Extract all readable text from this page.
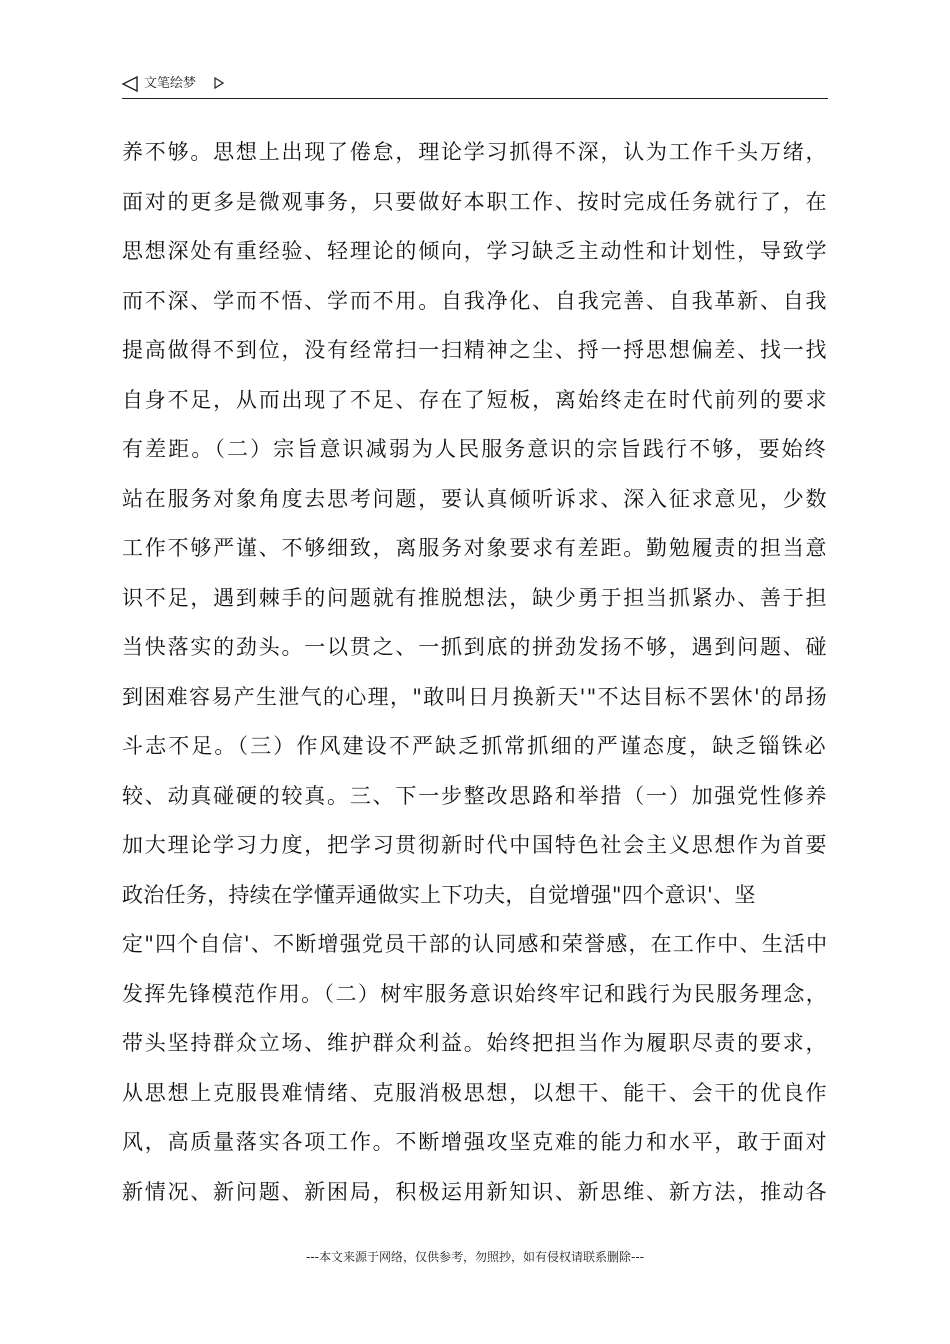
文笔绘梦
养不够。思想上出现了倦怠，理论学习抓得不深，认为工作千头万绪，
面对的更多是微观事务，只要做好本职工作、按时完成任务就行了，在
思想深处有重经验、轻理论的倾向，学习缺乏主动性和计划性，导致学
而不深、学而不悟、学而不用。自我净化、自我完善、自我革新、自我
提高做得不到位，没有经常扫一扫精神之尘、捋一捋思想偏差、找一找
自身不足，从而出现了不足、存在了短板，离始终走在时代前列的要求
有差距。（二）宗旨意识减弱为人民服务意识的宗旨践行不够，要始终
站在服务对象角度去思考问题，要认真倾听诉求、深入征求意见，少数
工作不够严谨、不够细致，离服务对象要求有差距。勤勉履责的担当意
识不足，遇到棘手的问题就有推脱想法，缺少勇于担当抓紧办、善于担
当快落实的劲头。一以贯之、一抓到底的拼劲发扬不够，遇到问题、碰
到困难容易产生泄气的心理，"敢叫日月换新天'"不达目标不罢休'的昂扬
斗志不足。（三）作风建设不严缺乏抓常抓细的严谨态度，缺乏锱铢必
较、动真碰硬的较真。三、下一步整改思路和举措（一）加强党性修养
加大理论学习力度，把学习贯彻新时代中国特色社会主义思想作为首要
政治任务，持续在学懂弄通做实上下功夫，自觉增强"四个意识'、坚
定"四个自信'、不断增强党员干部的认同感和荣誉感，在工作中、生活中
发挥先锋模范作用。（二）树牢服务意识始终牢记和践行为民服务理念，
带头坚持群众立场、维护群众利益。始终把担当作为履职尽责的要求，
从思想上克服畏难情绪、克服消极思想，以想干、能干、会干的优良作
风，高质量落实各项工作。不断增强攻坚克难的能力和水平，敢于面对
新情况、新问题、新困局，积极运用新知识、新思维、新方法，推动各
---本文来源于网络，仅供参考，勿照抄，如有侵权请联系删除---
